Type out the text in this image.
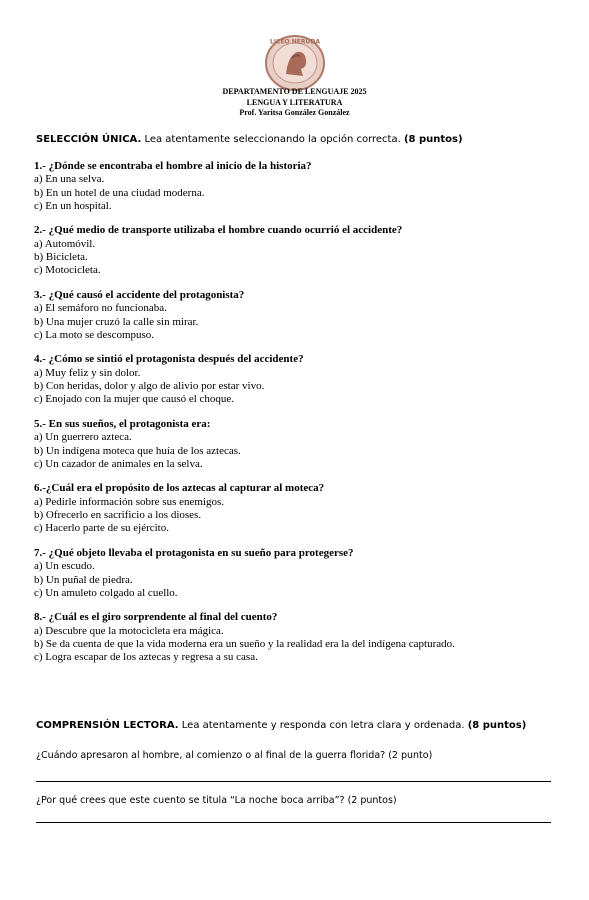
LICEO NERUDA
DEPARTAMENTO DE LENGUAJE 2025
LENGUA Y LITERATURA
Prof. Yaritsa González González
SELECCIÓN ÚNICA. Lea atentamente seleccionando la opción correcta. (8 puntos)
1.- ¿Dónde se encontraba el hombre al inicio de la historia?
a) En una selva.
b) En un hotel de una ciudad moderna.
c) En un hospital.
2.- ¿Qué medio de transporte utilizaba el hombre cuando ocurrió el accidente?
a) Automóvil.
b) Bicicleta.
c) Motocicleta.
3.- ¿Qué causó el accidente del protagonista?
a) El semáforo no funcionaba.
b) Una mujer cruzó la calle sin mirar.
c) La moto se descompuso.
4.- ¿Cómo se sintió el protagonista después del accidente?
a) Muy feliz y sin dolor.
b) Con heridas, dolor y algo de alivio por estar vivo.
c) Enojado con la mujer que causó el choque.
5.- En sus sueños, el protagonista era:
a) Un guerrero azteca.
b) Un indígena moteca que huía de los aztecas.
c) Un cazador de animales en la selva.
6.-¿Cuál era el propósito de los aztecas al capturar al moteca?
a) Pedirle información sobre sus enemigos.
b) Ofrecerlo en sacrificio a los dioses.
c) Hacerlo parte de su ejército.
7.- ¿Qué objeto llevaba el protagonista en su sueño para protegerse?
a) Un escudo.
b) Un puñal de piedra.
c) Un amuleto colgado al cuello.
8.- ¿Cuál es el giro sorprendente al final del cuento?
a) Descubre que la motocicleta era mágica.
b) Se da cuenta de que la vida moderna era un sueño y la realidad era la del indígena capturado.
c) Logra escapar de los aztecas y regresa a su casa.
COMPRENSIÓN LECTORA. Lea atentamente y responda con letra clara y ordenada. (8 puntos)
¿Cuándo apresaron al hombre, al comienzo o al final de la guerra florida? (2 punto)
¿Por qué crees que este cuento se titula “La noche boca arriba”? (2 puntos)
